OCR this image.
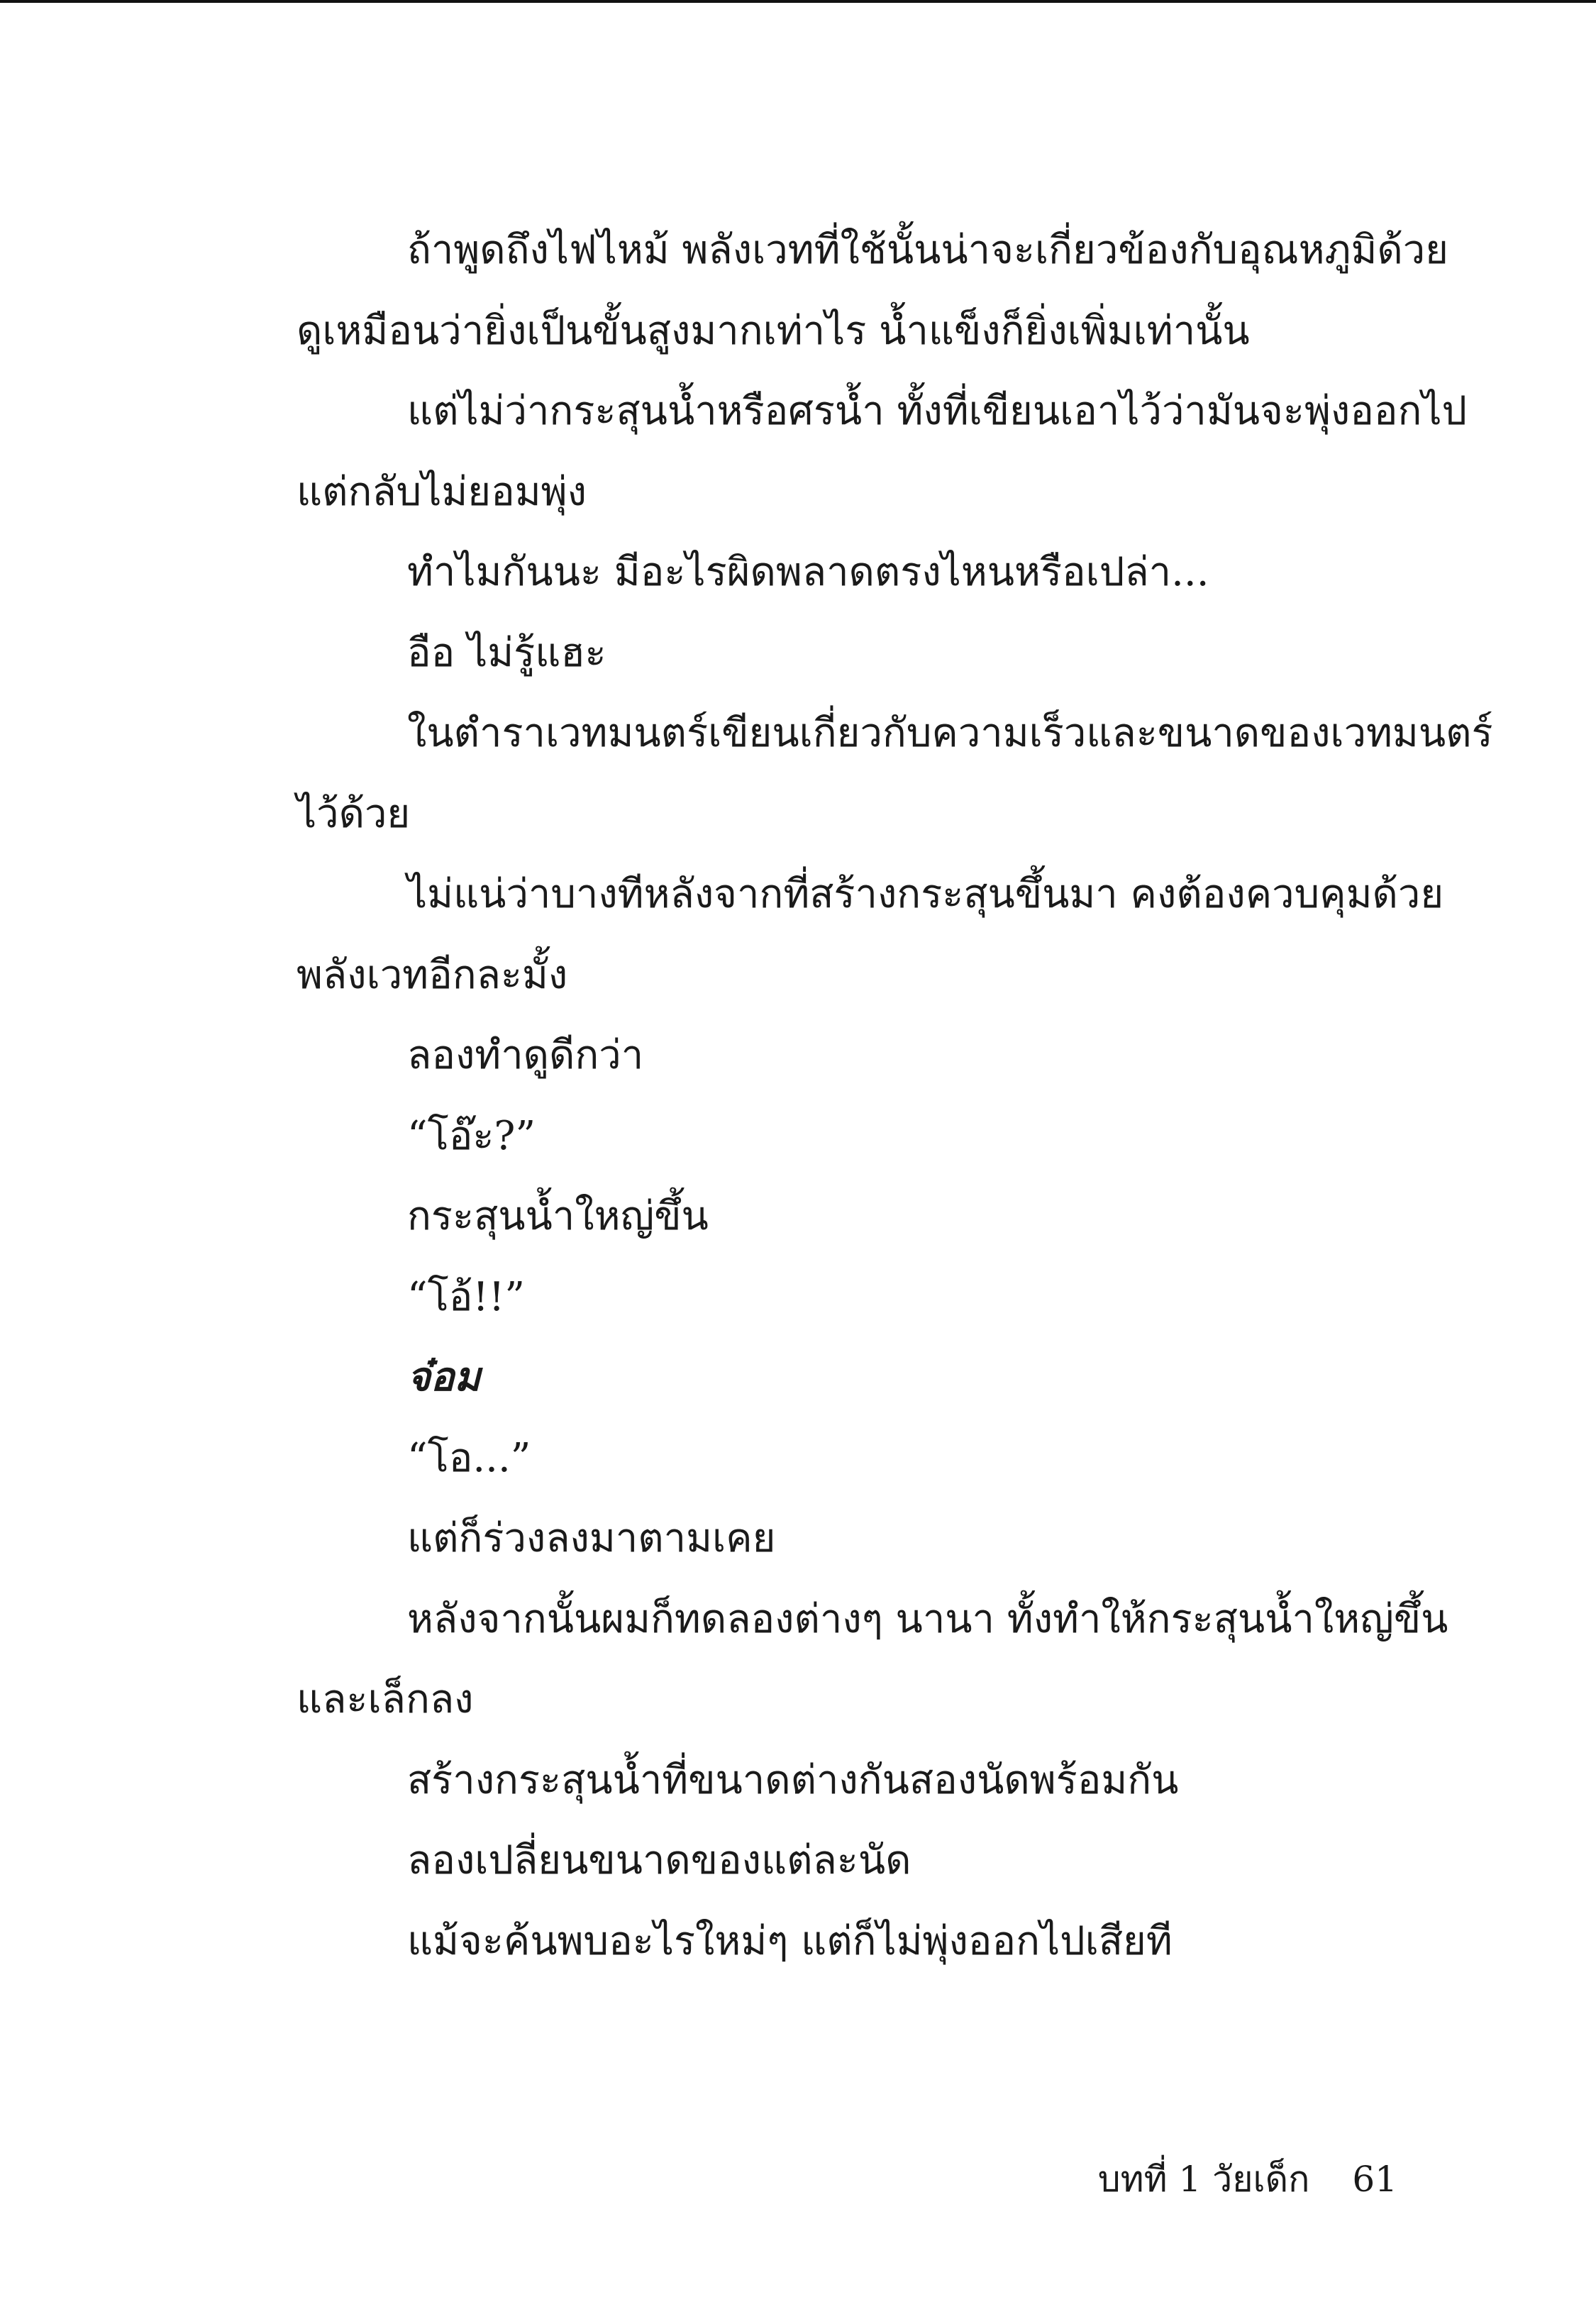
ถ้าพูดถึงไฟไหม้ พลังเวทที่ใช้นั้นน่าจะเกี่ยวข้องกับอุณหภูมิด้วย

ดูเหมือนว่ายิ่งเป็นขั้นสูงมากเท่าไร น้ำแข็งก็ยิ่งเพิ่มเท่านั้น

แต่ไม่ว่ากระสุนน้ำหรือศรน้ำ ทั้งที่เขียนเอาไว้ว่ามันจะพุ่งออกไป

แต่กลับไม่ยอมพุ่ง

ทำไมกันนะ มีอะไรผิดพลาดตรงไหนหรือเปล่า...

อือ ไม่รู้แฮะ

ในตำราเวทมนตร์เขียนเกี่ยวกับความเร็วและขนาดของเวทมนตร์

ไว้ด้วย

ไม่แน่ว่าบางทีหลังจากที่สร้างกระสุนขึ้นมา คงต้องควบคุมด้วย

พลังเวทอีกละมั้ง

ลองทำดูดีกว่า

“โอ๊ะ?”

กระสุนน้ำใหญ่ขึ้น

“โอ้!!”

จ๋อม

“โอ...”

แต่ก็ร่วงลงมาตามเคย

หลังจากนั้นผมก็ทดลองต่างๆ นานา ทั้งทำให้กระสุนน้ำใหญ่ขึ้น

และเล็กลง

สร้างกระสุนน้ำที่ขนาดต่างกันสองนัดพร้อมกัน

ลองเปลี่ยนขนาดของแต่ละนัด

แม้จะค้นพบอะไรใหม่ๆ แต่ก็ไม่พุ่งออกไปเสียที

บทที่ 1 วัยเด็ก 61
